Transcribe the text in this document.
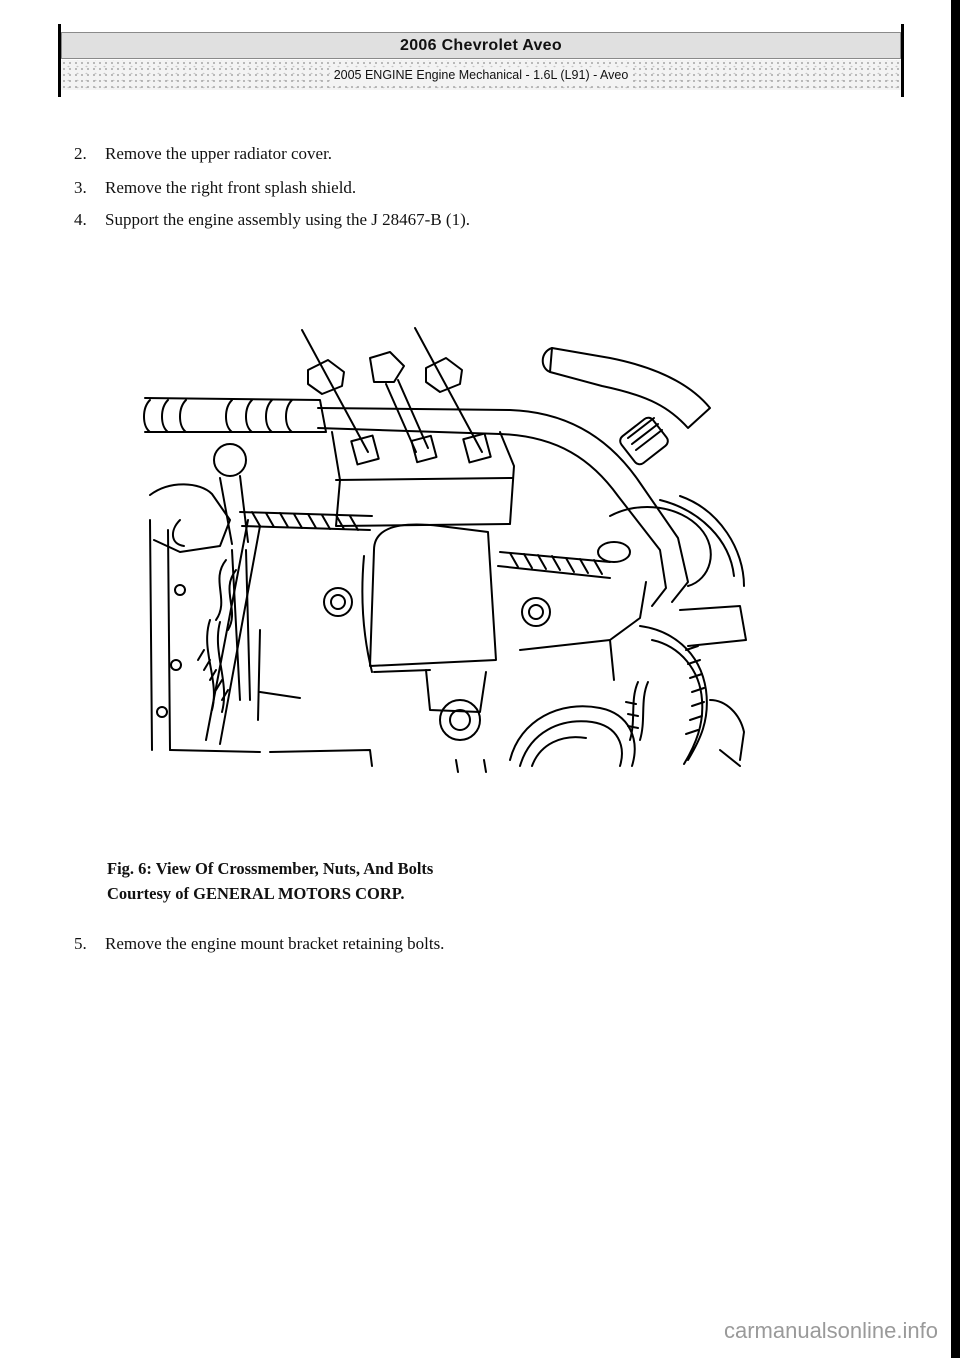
2006 Chevrolet Aveo
2005 ENGINE Engine Mechanical - 1.6L (L91) - Aveo
2. Remove the upper radiator cover.
3. Remove the right front splash shield.
4. Support the engine assembly using the J 28467-B (1).
Fig. 6: View Of Crossmember, Nuts, And Bolts
Courtesy of GENERAL MOTORS CORP.
5. Remove the engine mount bracket retaining bolts.
carmanualsonline.info
